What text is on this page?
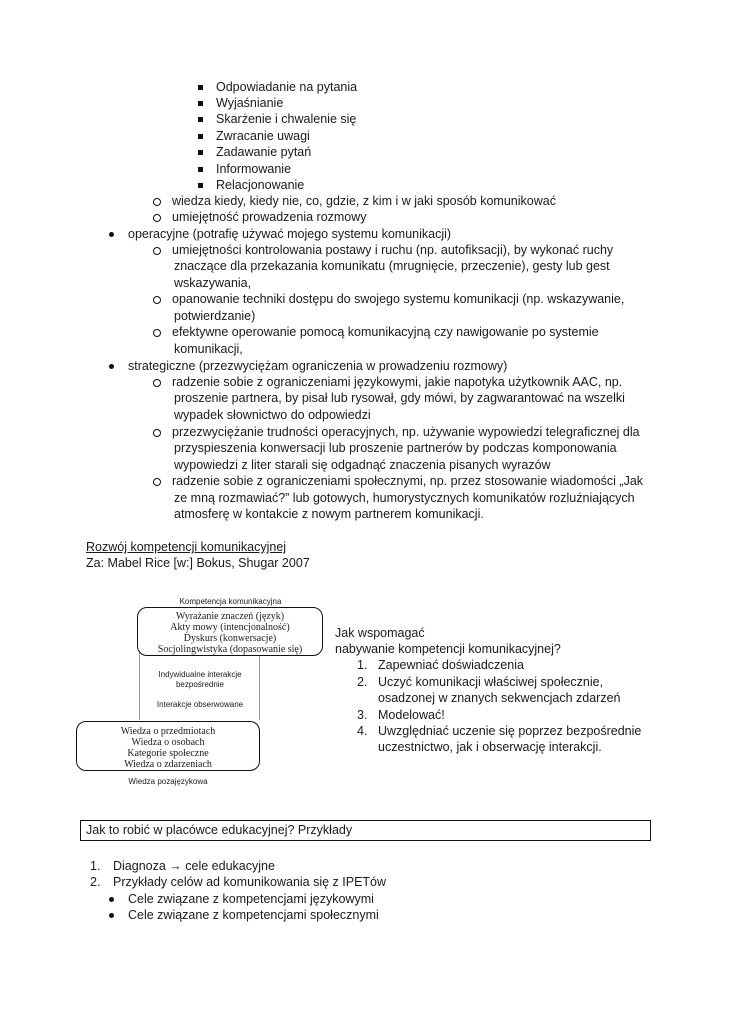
Odpowiadanie na pytania
Wyjaśnianie
Skarżenie i chwalenie się
Zwracanie uwagi
Zadawanie pytań
Informowanie
Relacjonowanie
wiedza kiedy, kiedy nie, co, gdzie, z kim i w jaki sposób komunikować
umiejętność prowadzenia rozmowy
operacyjne (potrafię używać mojego systemu komunikacji)
umiejętności kontrolowania postawy i ruchu (np. autofiksacji), by wykonać ruchy
znaczące dla przekazania komunikatu (mrugnięcie, przeczenie), gesty lub gest
wskazywania,
opanowanie techniki dostępu do swojego systemu komunikacji (np. wskazywanie,
potwierdzanie)
efektywne operowanie pomocą komunikacyjną czy nawigowanie po systemie
komunikacji,
strategiczne (przezwyciężam ograniczenia w prowadzeniu rozmowy)
radzenie sobie z ograniczeniami językowymi, jakie napotyka użytkownik AAC, np.
proszenie partnera, by pisał lub rysował, gdy mówi, by zagwarantować na wszelki
wypadek słownictwo do odpowiedzi
przezwyciężanie trudności operacyjnych, np. używanie wypowiedzi telegraficznej dla
przyspieszenia konwersacji lub proszenie partnerów by podczas komponowania
wypowiedzi z liter starali się odgadnąć znaczenia pisanych wyrazów
radzenie sobie z ograniczeniami społecznymi, np. przez stosowanie wiadomości „Jak
ze mną rozmawiać?” lub gotowych, humorystycznych komunikatów rozluźniających
atmosferę w kontakcie z nowym partnerem komunikacji.
Rozwój kompetencji komunikacyjnej
Za: Mabel Rice [w:] Bokus, Shugar 2007
Kompetencja komunikacyjna
Wyrażanie znaczeń (język)
Akty mowy (intencjonalność)
Dyskurs (konwersacje)
Socjolingwistyka (dopasowanie się)
Indywidualne interakcje
bezpośrednie
Interakcje obserwowane
Wiedza o przedmiotach
Wiedza o osobach
Kategorie społeczne
Wiedza o zdarzeniach
Wiedza pozajęzykowa
Jak wspomagać
nabywanie kompetencji komunikacyjnej?
1. Zapewniać doświadczenia
2. Uczyć komunikacji właściwej społecznie,
osadzonej w znanych sekwencjach zdarzeń
3. Modelować!
4. Uwzględniać uczenie się poprzez bezpośrednie
uczestnictwo, jak i obserwację interakcji.
Jak to robić w placówce edukacyjnej? Przykłady
1. Diagnoza → cele edukacyjne
2. Przykłady celów ad komunikowania się z IPETów
Cele związane z kompetencjami językowymi
Cele związane z kompetencjami społecznymi
